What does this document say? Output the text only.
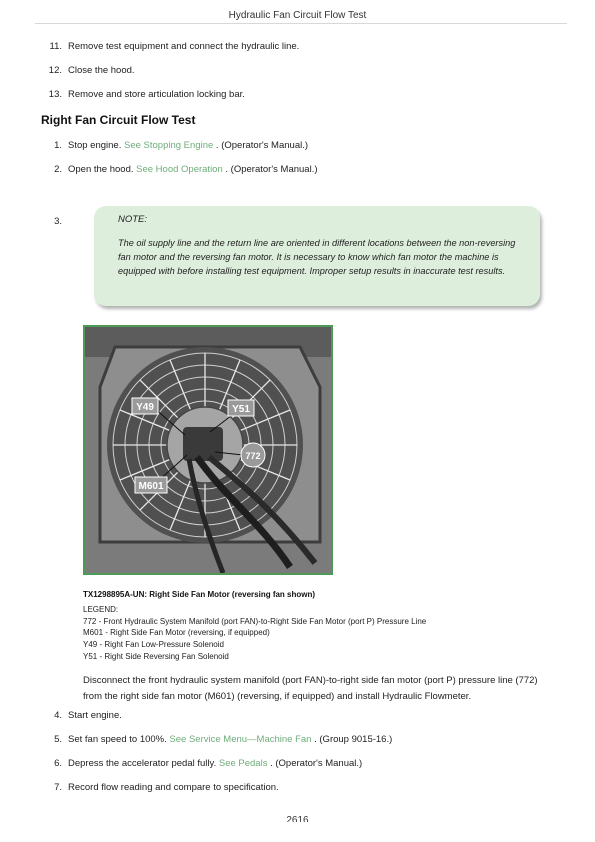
Hydraulic Fan Circuit Flow Test
11. Remove test equipment and connect the hydraulic line.
12. Close the hood.
13. Remove and store articulation locking bar.
Right Fan Circuit Flow Test
1. Stop engine. See Stopping Engine . (Operator's Manual.)
2. Open the hood. See Hood Operation . (Operator's Manual.)
3.	NOTE:
The oil supply line and the return line are oriented in different locations between the non-reversing fan motor and the reversing fan motor. It is necessary to know which fan motor the machine is equipped with before installing test equipment. Improper setup results in inaccurate test results.
Y49	Y51
772
M601
TX1298895A-UN: Right Side Fan Motor (reversing fan shown)
LEGEND:
772 - Front Hydraulic System Manifold (port FAN)-to-Right Side Fan Motor (port P) Pressure Line
M601 - Right Side Fan Motor (reversing, if equipped)
Y49 - Right Fan Low-Pressure Solenoid
Y51 - Right Side Reversing Fan Solenoid
Disconnect the front hydraulic system manifold (port FAN)-to-right side fan motor (port P) pressure line (772) from the right side fan motor (M601) (reversing, if equipped) and install Hydraulic Flowmeter.
4. Start engine.
5. Set fan speed to 100%. See Service Menu—Machine Fan . (Group 9015-16.)
6. Depress the accelerator pedal fully. See Pedals . (Operator's Manual.)
7. Record flow reading and compare to specification.
2616
